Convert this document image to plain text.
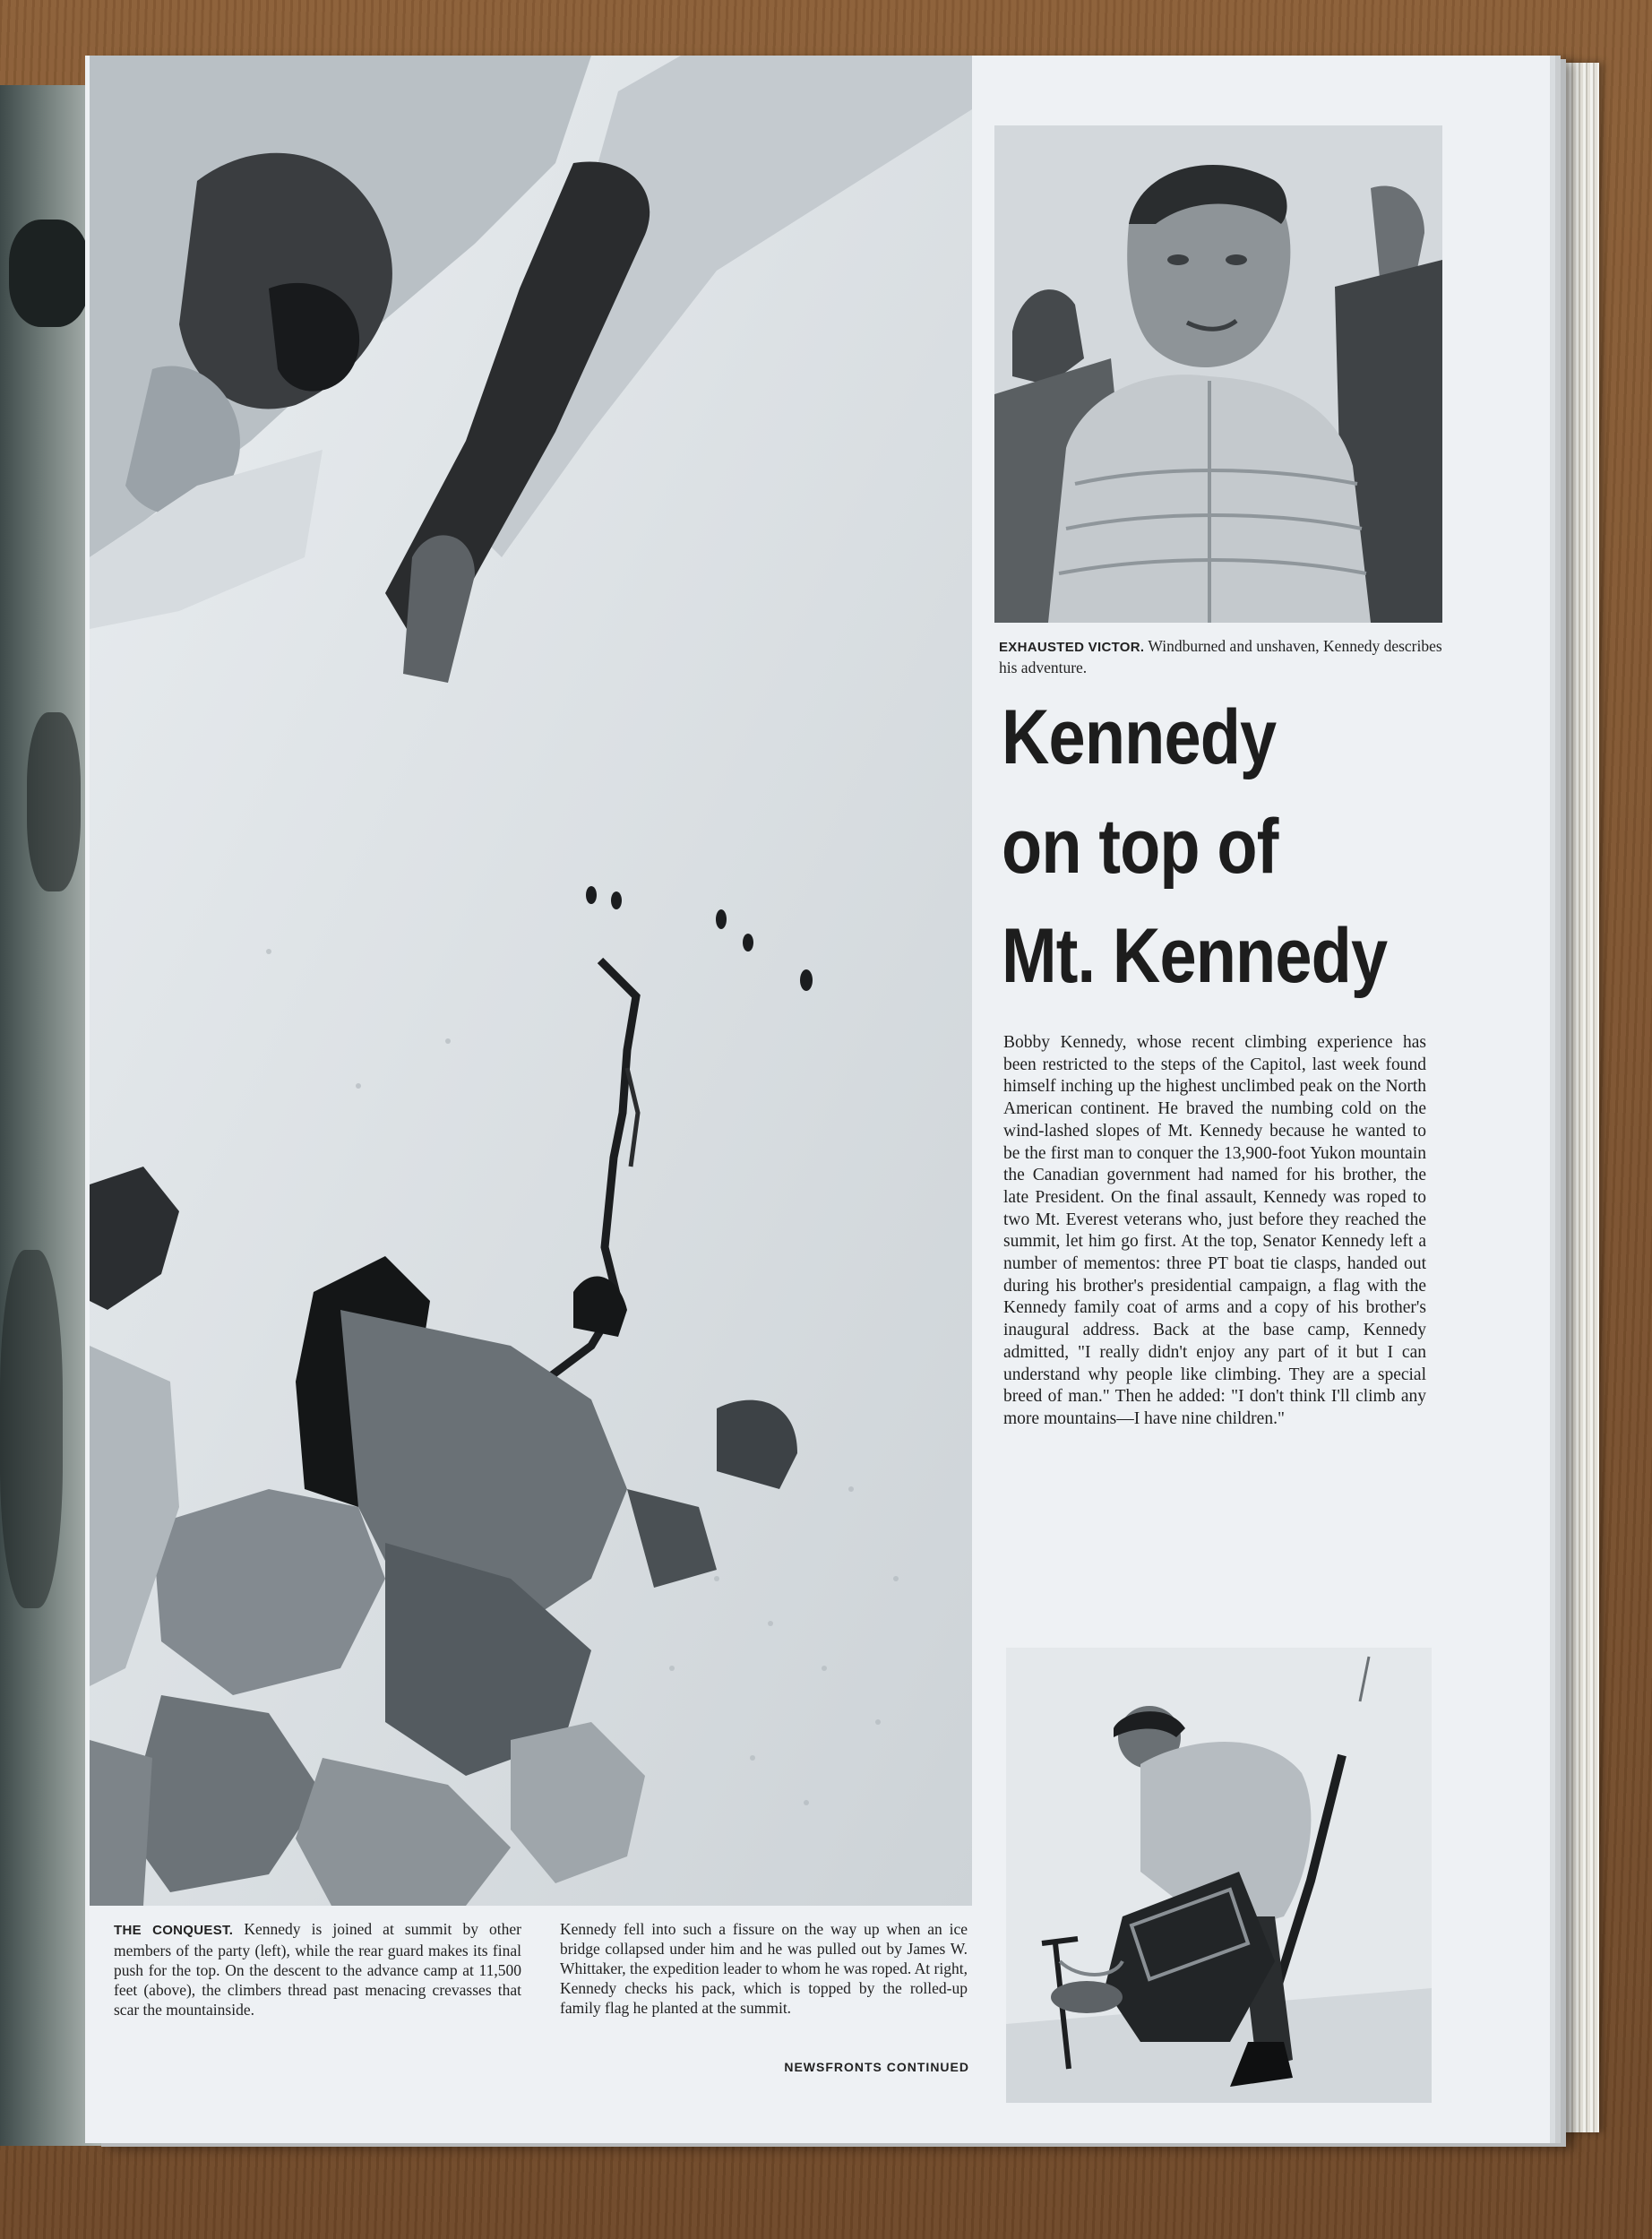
THE CONQUEST. Kennedy is joined at summit by other members of the party (left), while the rear guard makes its final push for the top. On the descent to the advance camp at 11,500 feet (above), the climbers thread past menacing crevasses that scar the mountainside.

Kennedy fell into such a fissure on the way up when an ice bridge collapsed under him and he was pulled out by James W. Whittaker, the expedition leader to whom he was roped. At right, Kennedy checks his pack, which is topped by the rolled-up family flag he planted at the summit.

NEWSFRONTS CONTINUED

EXHAUSTED VICTOR. Windburned and unshaven, Kennedy describes his adventure.

Kennedy
on top of
Mt. Kennedy

Bobby Kennedy, whose recent climbing experience has been restricted to the steps of the Capitol, last week found himself inching up the highest unclimbed peak on the North American continent. He braved the numbing cold on the wind-lashed slopes of Mt. Kennedy because he wanted to be the first man to conquer the 13,900-foot Yukon mountain the Canadian government had named for his brother, the late President. On the final assault, Kennedy was roped to two Mt. Everest veterans who, just before they reached the summit, let him go first. At the top, Senator Kennedy left a number of mementos: three PT boat tie clasps, handed out during his brother's presidential campaign, a flag with the Kennedy family coat of arms and a copy of his brother's inaugural address. Back at the base camp, Kennedy admitted, "I really didn't enjoy any part of it but I can understand why people like climbing. They are a special breed of man." Then he added: "I don't think I'll climb any more mountains—I have nine children."
